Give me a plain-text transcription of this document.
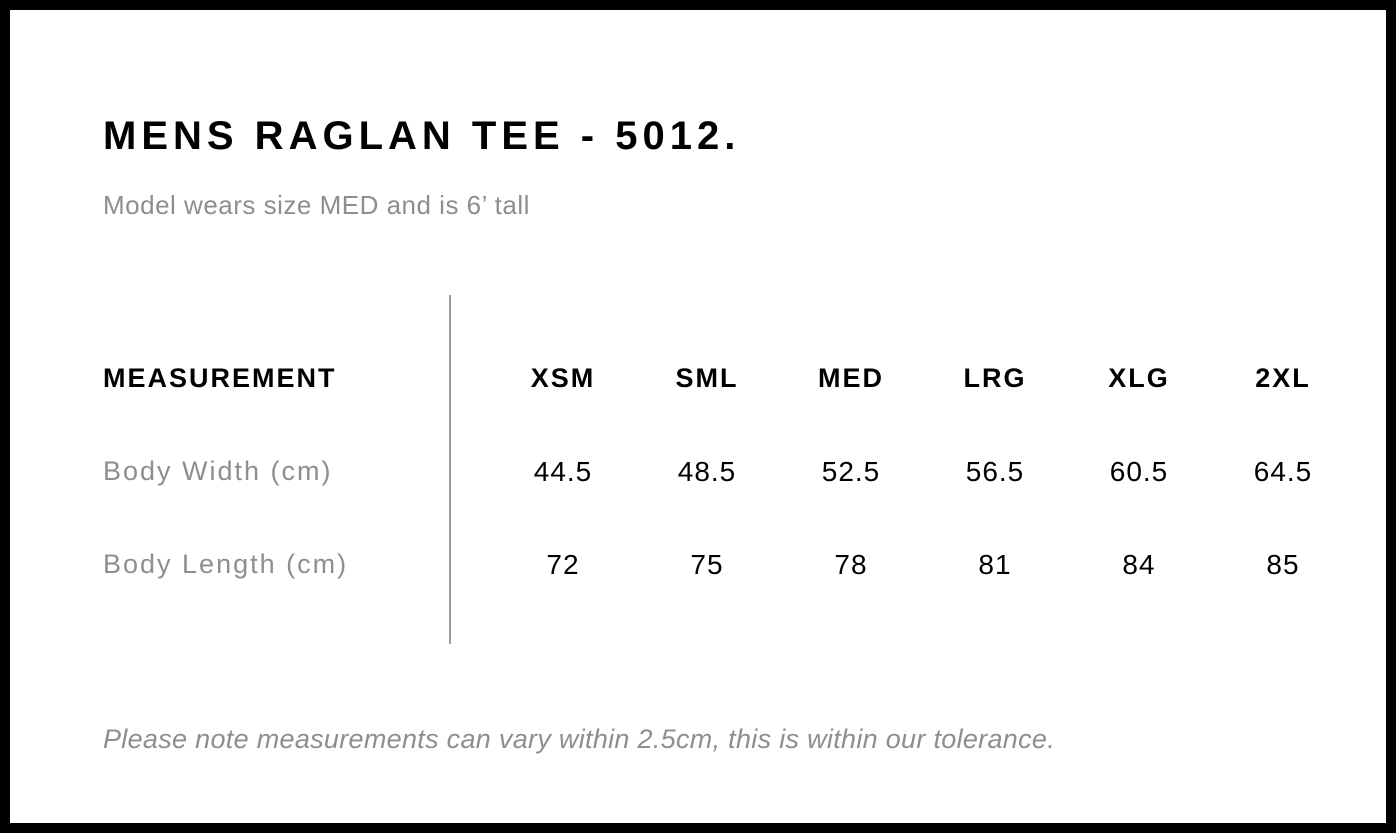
MENS RAGLAN TEE - 5012.
Model wears size MED and is 6’ tall
MEASUREMENT	XSM	SML	MED	LRG	XLG	2XL
Body Width (cm)	44.5	48.5	52.5	56.5	60.5	64.5
Body Length (cm)	72	75	78	81	84	85
Please note measurements can vary within 2.5cm, this is within our tolerance.
